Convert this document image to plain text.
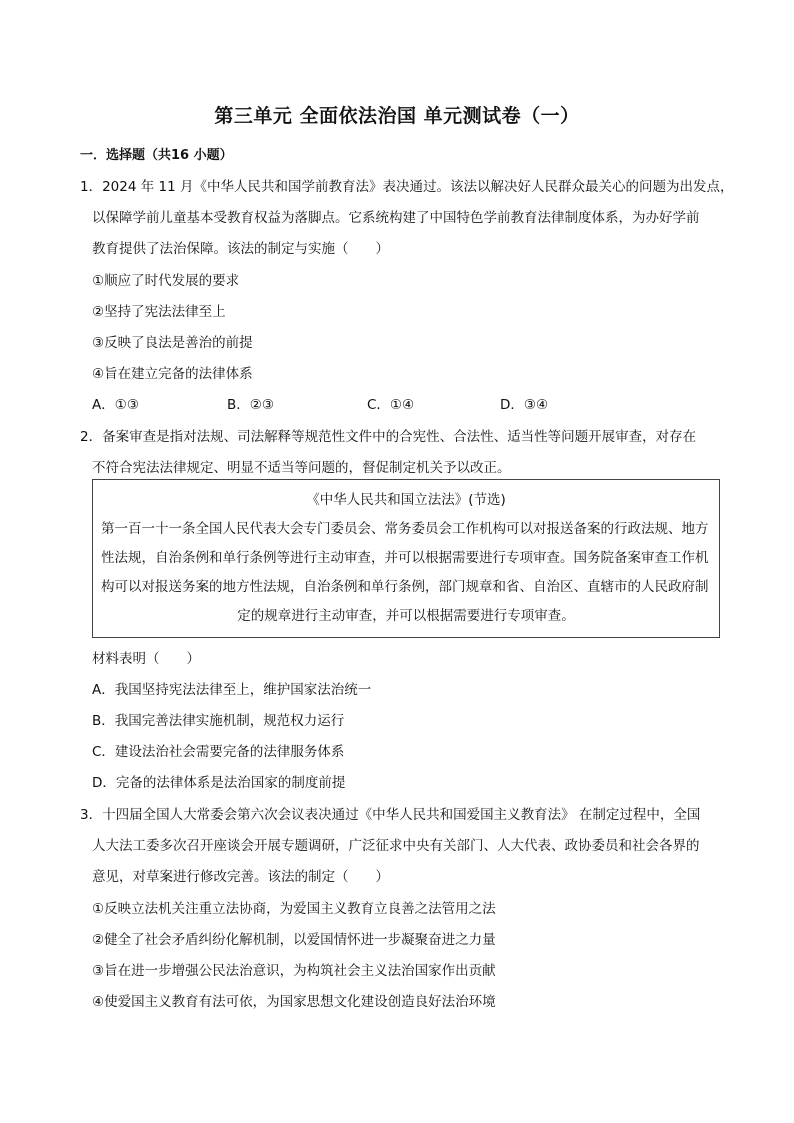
第三单元 全面依法治国 单元测试卷（一）
一．选择题（共16 小题）
1．2024 年 11 月《中华人民共和国学前教育法》表决通过。该法以解决好人民群众最关心的问题为出发点，
以保障学前儿童基本受教育权益为落脚点。它系统构建了中国特色学前教育法律制度体系，为办好学前
教育提供了法治保障。该法的制定与实施（　　）
①顺应了时代发展的要求
②坚持了宪法法律至上
③反映了良法是善治的前提
④旨在建立完备的法律体系
A．①③	B．②③	C．①④	D．③④
2．备案审查是指对法规、司法解释等规范性文件中的合宪性、合法性、适当性等问题开展审查，对存在
不符合宪法法律规定、明显不适当等问题的，督促制定机关予以改正。
《中华人民共和国立法法》(节选)
第一百一十一条全国人民代表大会专门委员会、常务委员会工作机构可以对报送备案的行政法规、地方
性法规，自治条例和单行条例等进行主动审查，并可以根据需要进行专项审查。国务院备案审查工作机
构可以对报送务案的地方性法规，自治条例和单行条例，部门规章和省、自治区、直辖市的人民政府制
定的规章进行主动审查，并可以根据需要进行专项审查。
材料表明（　　）
A．我国坚持宪法法律至上，维护国家法治统一
B．我国完善法律实施机制，规范权力运行
C．建设法治社会需要完备的法律服务体系
D．完备的法律体系是法治国家的制度前提
3．十四届全国人大常委会第六次会议表决通过《中华人民共和国爱国主义教育法》 在制定过程中，全国
人大法工委多次召开座谈会开展专题调研，广泛征求中央有关部门、人大代表、政协委员和社会各界的
意见，对草案进行修改完善。该法的制定（　　）
①反映立法机关注重立法协商，为爱国主义教育立良善之法管用之法
②健全了社会矛盾纠纷化解机制，以爱国情怀进一步凝聚奋进之力量
③旨在进一步增强公民法治意识，为构筑社会主义法治国家作出贡献
④使爱国主义教育有法可依，为国家思想文化建设创造良好法治环境
